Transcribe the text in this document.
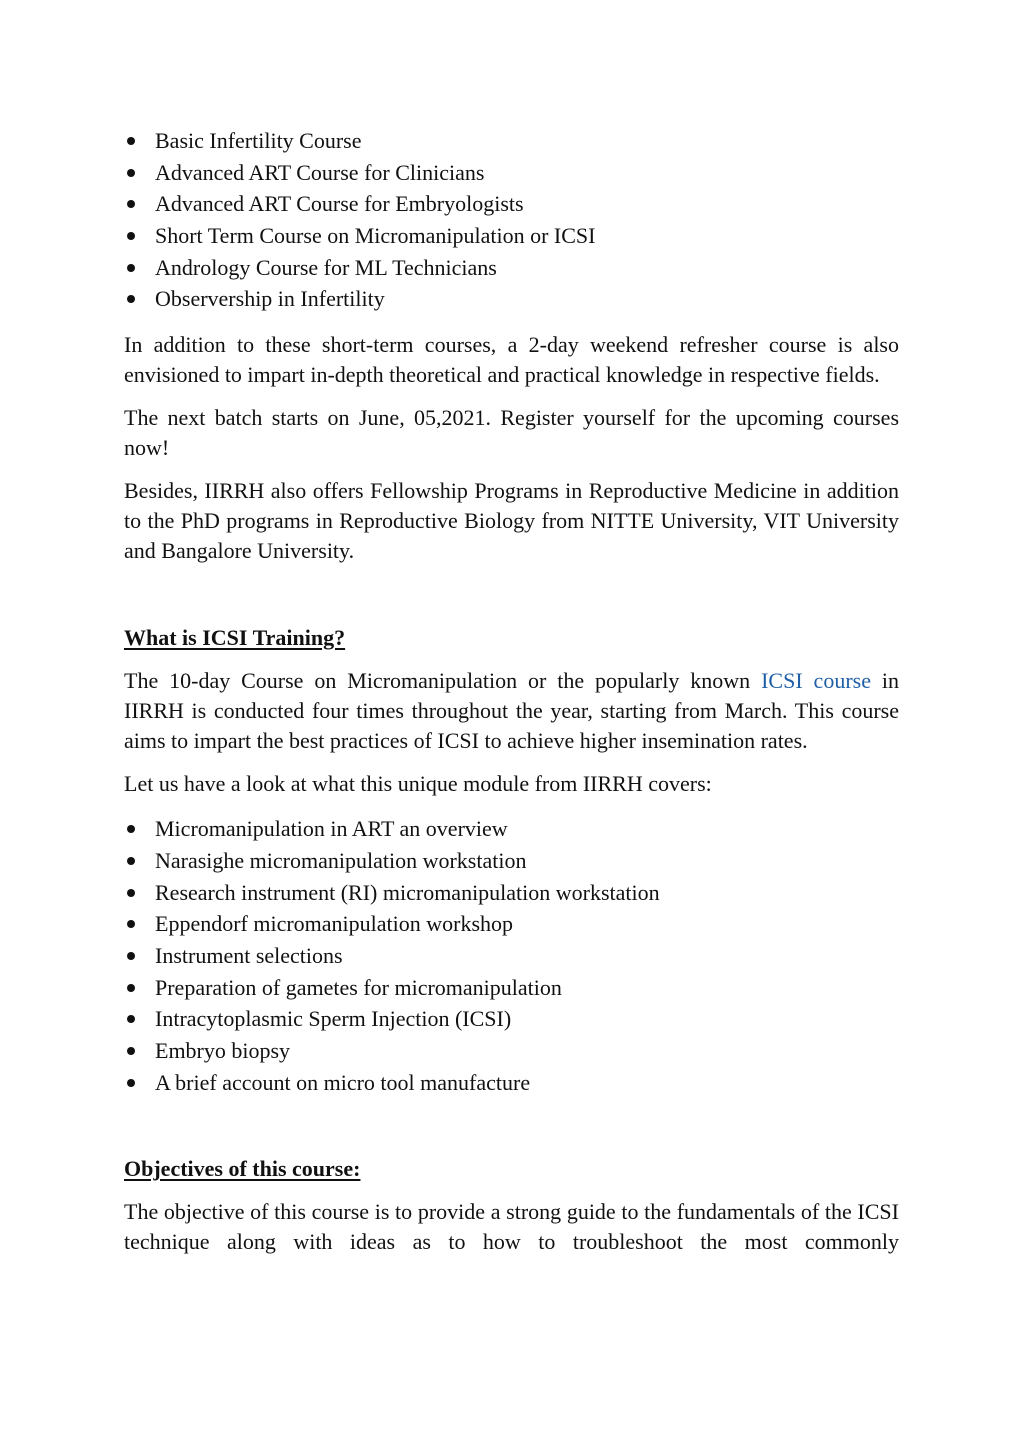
Basic Infertility Course
Advanced ART Course for Clinicians
Advanced ART Course for Embryologists
Short Term Course on Micromanipulation or ICSI
Andrology Course for ML Technicians
Observership in Infertility

In addition to these short-term courses, a 2-day weekend refresher course is also envisioned to impart in-depth theoretical and practical knowledge in respective fields.

The next batch starts on June, 05,2021. Register yourself for the upcoming courses now!

Besides, IIRRH also offers Fellowship Programs in Reproductive Medicine in addition to the PhD programs in Reproductive Biology from NITTE University, VIT University and Bangalore University.

What is ICSI Training?

The 10-day Course on Micromanipulation or the popularly known ICSI course in IIRRH is conducted four times throughout the year, starting from March. This course aims to impart the best practices of ICSI to achieve higher insemination rates.

Let us have a look at what this unique module from IIRRH covers:

Micromanipulation in ART an overview
Narasighe micromanipulation workstation
Research instrument (RI) micromanipulation workstation
Eppendorf micromanipulation workshop
Instrument selections
Preparation of gametes for micromanipulation
Intracytoplasmic Sperm Injection (ICSI)
Embryo biopsy
A brief account on micro tool manufacture

Objectives of this course:

The objective of this course is to provide a strong guide to the fundamentals of the ICSI technique along with ideas as to how to troubleshoot the most commonly
